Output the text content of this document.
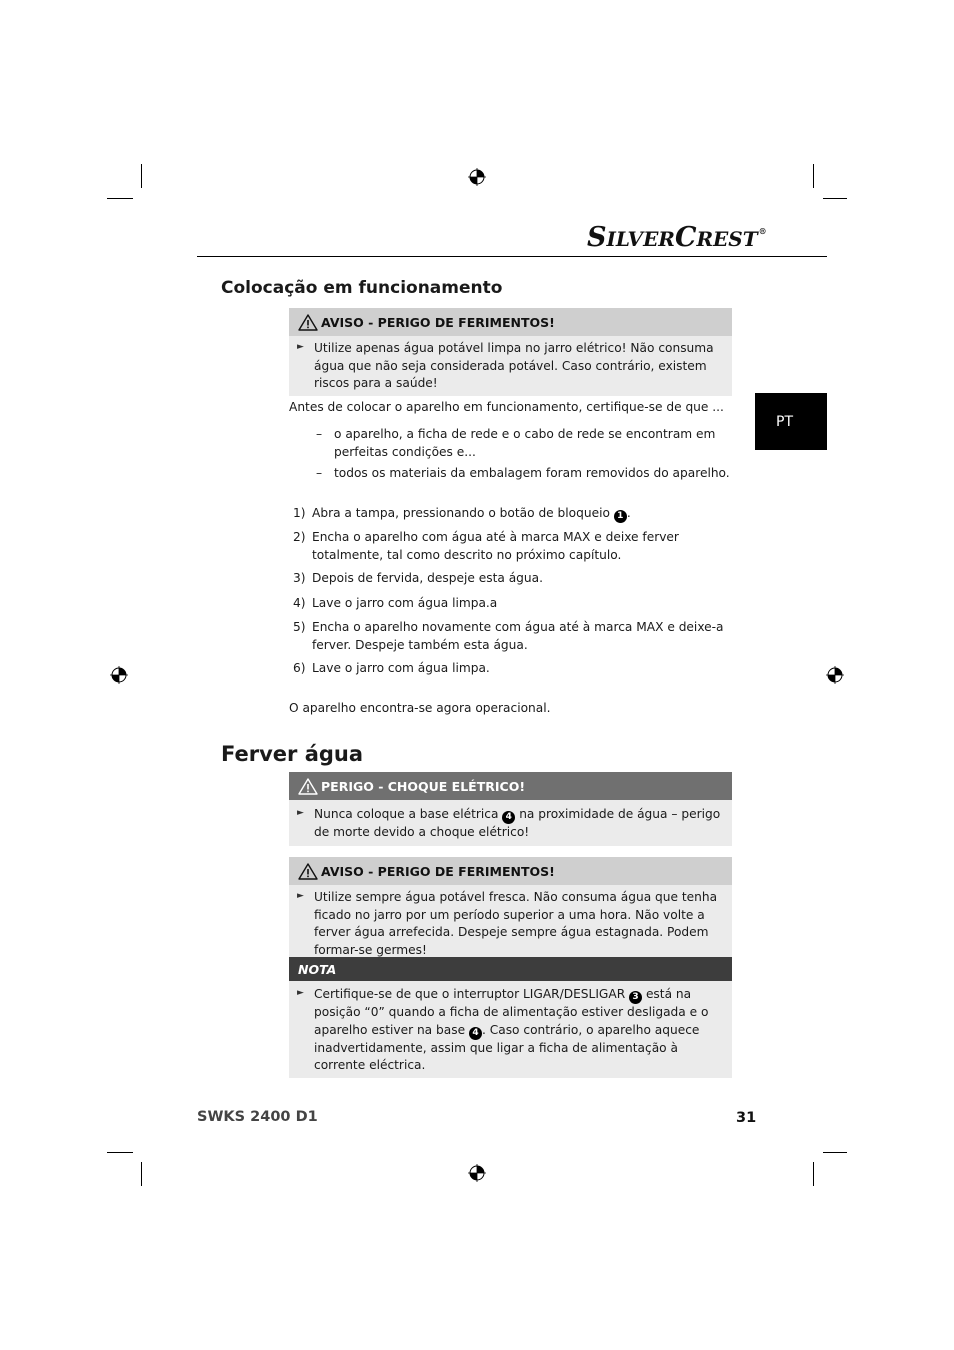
SILVERCREST®
PT
Colocação em funcionamento
AVISO - PERIGO DE FERIMENTOS!
► Utilize apenas água potável limpa no jarro elétrico! Não consuma água que não seja considerada potável. Caso contrário, existem riscos para a saúde!
Antes de colocar o aparelho em funcionamento, certifique-se de que ...
– o aparelho, a ficha de rede e o cabo de rede se encontram em perfeitas condições e...
– todos os materiais da embalagem foram removidos do aparelho.
1) Abra a tampa, pressionando o botão de bloqueio 1 .
2) Encha o aparelho com água até à marca MAX e deixe ferver totalmente, tal como descrito no próximo capítulo.
3) Depois de fervida, despeje esta água.
4) Lave o jarro com água limpa.a
5) Encha o aparelho novamente com água até à marca MAX e deixe-a ferver. Despeje também esta água.
6) Lave o jarro com água limpa.
O aparelho encontra-se agora operacional.
Ferver água
PERIGO - CHOQUE ELÉTRICO!
► Nunca coloque a base elétrica 4 na proximidade de água – perigo de morte devido a choque elétrico!
AVISO - PERIGO DE FERIMENTOS!
► Utilize sempre água potável fresca. Não consuma água que tenha ficado no jarro por um período superior a uma hora. Não volte a ferver água arrefecida. Despeje sempre água estagnada. Podem formar-se germes!
NOTA
► Certifique-se de que o interruptor LIGAR/DESLIGAR 3 está na posição “0” quando a ficha de alimentação estiver desligada e o aparelho estiver na base 4 . Caso contrário, o aparelho aquece inadvertidamente, assim que ligar a ficha de alimentação à corrente eléctrica.
SWKS 2400 D1	31
